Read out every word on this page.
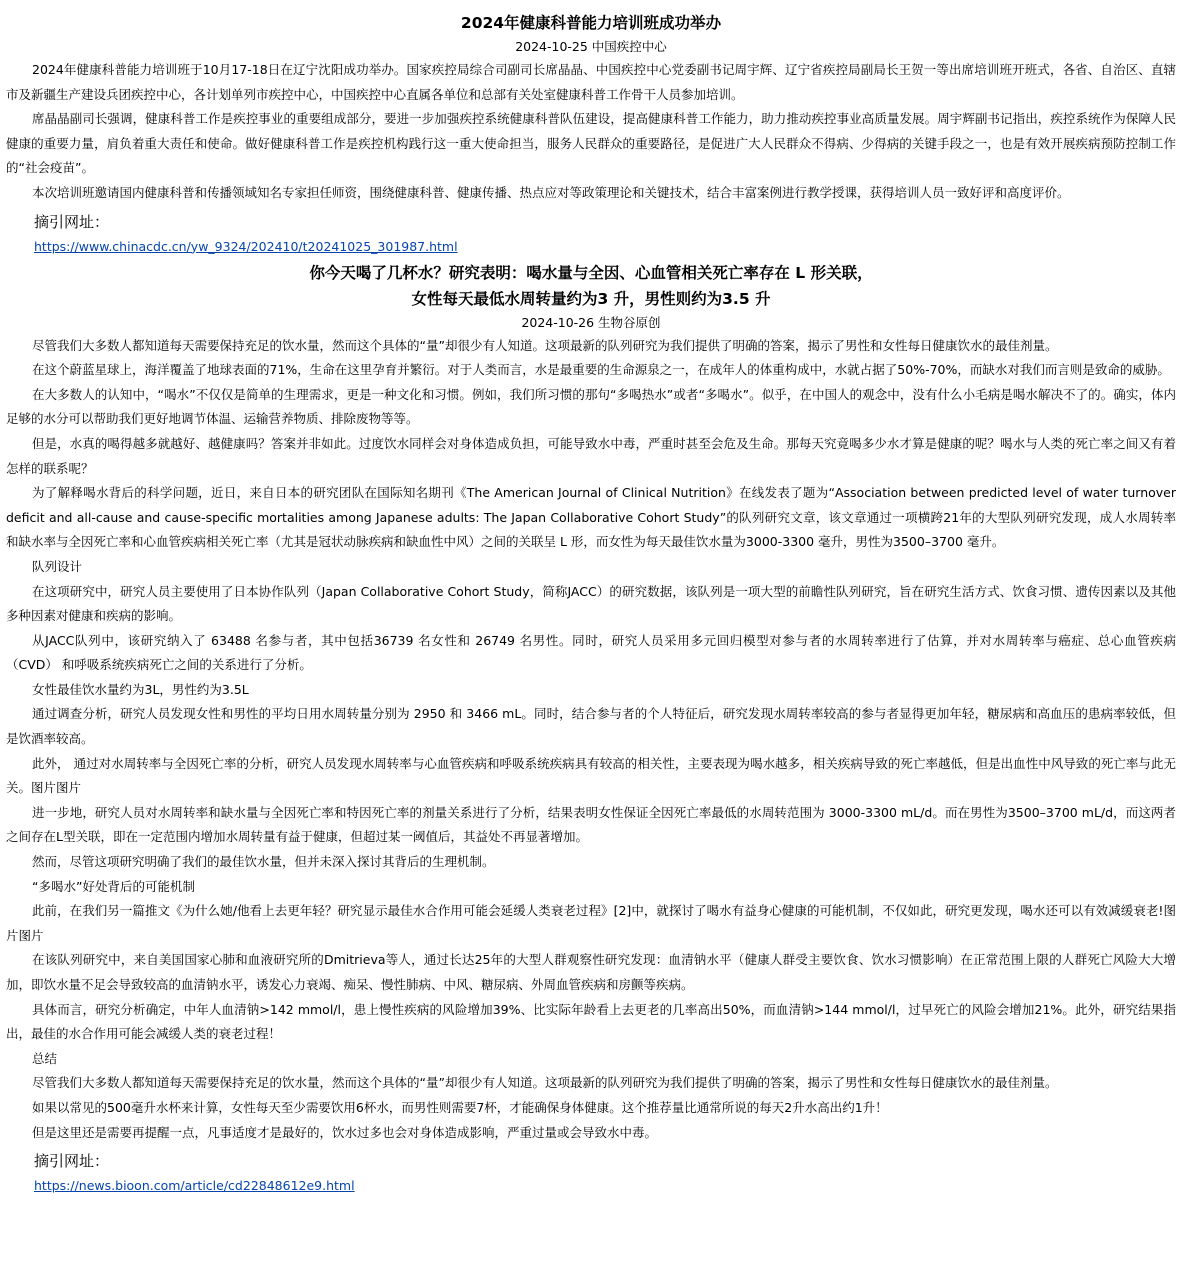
2024年健康科普能力培训班成功举办

2024-10-25 中国疾控中心

2024年健康科普能力培训班于10月17-18日在辽宁沈阳成功举办。国家疾控局综合司副司长席晶晶、中国疾控中心党委副书记周宇辉、辽宁省疾控局副局长王贺一等出席培训班开班式，各省、自治区、直辖市及新疆生产建设兵团疾控中心，各计划单列市疾控中心，中国疾控中心直属各单位和总部有关处室健康科普工作骨干人员参加培训。

席晶晶副司长强调，健康科普工作是疾控事业的重要组成部分，要进一步加强疾控系统健康科普队伍建设，提高健康科普工作能力，助力推动疾控事业高质量发展。周宇辉副书记指出，疾控系统作为保障人民健康的重要力量，肩负着重大责任和使命。做好健康科普工作是疾控机构践行这一重大使命担当，服务人民群众的重要路径，是促进广大人民群众不得病、少得病的关键手段之一，也是有效开展疾病预防控制工作的“社会疫苗”。

本次培训班邀请国内健康科普和传播领域知名专家担任师资，围绕健康科普、健康传播、热点应对等政策理论和关键技术，结合丰富案例进行教学授课，获得培训人员一致好评和高度评价。

摘引网址：
https://www.chinacdc.cn/yw_9324/202410/t20241025_301987.html
你今天喝了几杯水？研究表明：喝水量与全因、心血管相关死亡率存在 L 形关联，
女性每天最低水周转量约为3 升，男性则约为3.5 升

2024-10-26 生物谷原创

尽管我们大多数人都知道每天需要保持充足的饮水量，然而这个具体的“量”却很少有人知道。这项最新的队列研究为我们提供了明确的答案，揭示了男性和女性每日健康饮水的最佳剂量。

在这个蔚蓝星球上，海洋覆盖了地球表面的71%，生命在这里孕育并繁衍。对于人类而言，水是最重要的生命源泉之一，在成年人的体重构成中，水就占据了50%-70%，而缺水对我们而言则是致命的威胁。

在大多数人的认知中，“喝水”不仅仅是简单的生理需求，更是一种文化和习惯。例如，我们所习惯的那句“多喝热水”或者“多喝水”。似乎，在中国人的观念中，没有什么小毛病是喝水解决不了的。确实，体内足够的水分可以帮助我们更好地调节体温、运输营养物质、排除废物等等。

但是，水真的喝得越多就越好、越健康吗？答案并非如此。过度饮水同样会对身体造成负担，可能导致水中毒，严重时甚至会危及生命。那每天究竟喝多少水才算是健康的呢？喝水与人类的死亡率之间又有着怎样的联系呢？

为了解释喝水背后的科学问题，近日，来自日本的研究团队在国际知名期刊《The American Journal of Clinical Nutrition》在线发表了题为“Association between predicted level of water turnover deficit and all-cause and cause-specific mortalities among Japanese adults: The Japan Collaborative Cohort Study”的队列研究文章，该文章通过一项横跨21年的大型队列研究发现，成人水周转率和缺水率与全因死亡率和心血管疾病相关死亡率（尤其是冠状动脉疾病和缺血性中风）之间的关联呈 L 形，而女性为每天最佳饮水量为3000-3300 毫升，男性为3500–3700 毫升。

队列设计

在这项研究中，研究人员主要使用了日本协作队列（Japan Collaborative Cohort Study，简称JACC）的研究数据，该队列是一项大型的前瞻性队列研究，旨在研究生活方式、饮食习惯、遗传因素以及其他多种因素对健康和疾病的影响。

从JACC队列中，该研究纳入了 63488 名参与者，其中包括36739 名女性和 26749 名男性。同时，研究人员采用多元回归模型对参与者的水周转率进行了估算，并对水周转率与癌症、总心血管疾病（CVD） 和呼吸系统疾病死亡之间的关系进行了分析。

女性最佳饮水量约为3L，男性约为3.5L

通过调查分析，研究人员发现女性和男性的平均日用水周转量分别为 2950 和 3466 mL。同时，结合参与者的个人特征后，研究发现水周转率较高的参与者显得更加年轻，糖尿病和高血压的患病率较低，但是饮酒率较高。

此外， 通过对水周转率与全因死亡率的分析，研究人员发现水周转率与心血管疾病和呼吸系统疾病具有较高的相关性，主要表现为喝水越多，相关疾病导致的死亡率越低，但是出血性中风导致的死亡率与此无关。图片图片

进一步地，研究人员对水周转率和缺水量与全因死亡率和特因死亡率的剂量关系进行了分析，结果表明女性保证全因死亡率最低的水周转范围为 3000-3300 mL/d。而在男性为3500–3700 mL/d，而这两者之间存在L型关联，即在一定范围内增加水周转量有益于健康，但超过某一阈值后，其益处不再显著增加。

然而，尽管这项研究明确了我们的最佳饮水量，但并未深入探讨其背后的生理机制。

“多喝水”好处背后的可能机制

此前，在我们另一篇推文《为什么她/他看上去更年轻？研究显示最佳水合作用可能会延缓人类衰老过程》[2]中，就探讨了喝水有益身心健康的可能机制，不仅如此，研究更发现，喝水还可以有效减缓衰老!图片图片

在该队列研究中，来自美国国家心肺和血液研究所的Dmitrieva等人，通过长达25年的大型人群观察性研究发现：血清钠水平（健康人群受主要饮食、饮水习惯影响）在正常范围上限的人群死亡风险大大增加，即饮水量不足会导致较高的血清钠水平，诱发心力衰竭、痴呆、慢性肺病、中风、糖尿病、外周血管疾病和房颤等疾病。

具体而言，研究分析确定，中年人血清钠>142 mmol/l，患上慢性疾病的风险增加39%、比实际年龄看上去更老的几率高出50%，而血清钠>144 mmol/l，过早死亡的风险会增加21%。此外，研究结果指出，最佳的水合作用可能会减缓人类的衰老过程！

总结

尽管我们大多数人都知道每天需要保持充足的饮水量，然而这个具体的“量”却很少有人知道。这项最新的队列研究为我们提供了明确的答案，揭示了男性和女性每日健康饮水的最佳剂量。

如果以常见的500毫升水杯来计算，女性每天至少需要饮用6杯水，而男性则需要7杯，才能确保身体健康。这个推荐量比通常所说的每天2升水高出约1升！

但是这里还是需要再提醒一点，凡事适度才是最好的，饮水过多也会对身体造成影响，严重过量或会导致水中毒。

摘引网址：
https://news.bioon.com/article/cd22848612e9.html
